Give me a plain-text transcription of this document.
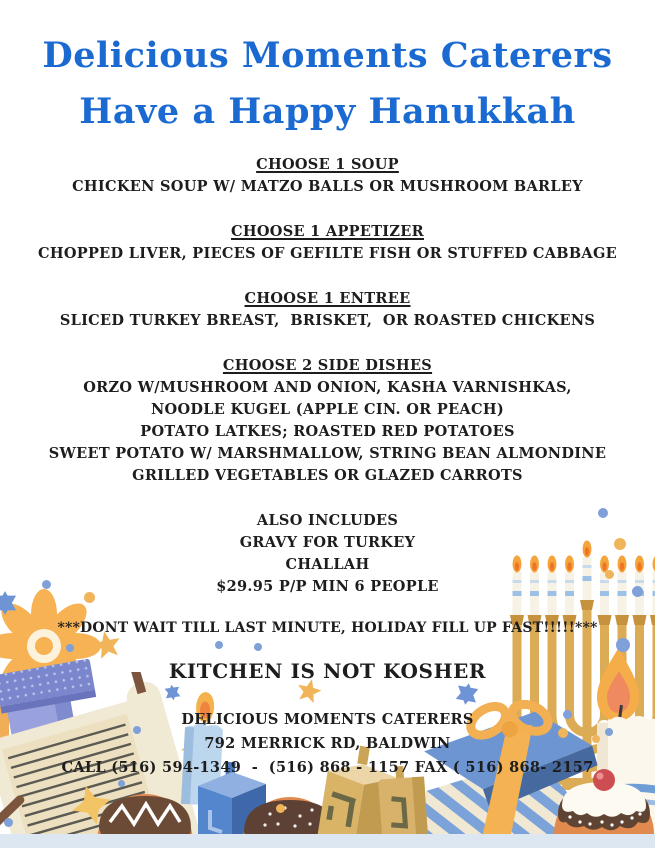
Delicious Moments Caterers
Have a Happy Hanukkah
CHOOSE 1 SOUP
CHICKEN SOUP W/ MATZO BALLS OR MUSHROOM BARLEY
CHOOSE 1 APPETIZER
CHOPPED LIVER, PIECES OF GEFILTE FISH OR STUFFED CABBAGE
CHOOSE 1 ENTREE
SLICED TURKEY BREAST,  BRISKET,  OR ROASTED CHICKENS
CHOOSE 2 SIDE DISHES
ORZO W/MUSHROOM AND ONION, KASHA VARNISHKAS,
NOODLE KUGEL (APPLE CIN. OR PEACH)
POTATO LATKES; ROASTED RED POTATOES
SWEET POTATO W/ MARSHMALLOW, STRING BEAN ALMONDINE
GRILLED VEGETABLES OR GLAZED CARROTS
ALSO INCLUDES
GRAVY FOR TURKEY
CHALLAH
$29.95 P/P MIN 6 PEOPLE
***DONT WAIT TILL LAST MINUTE, HOLIDAY FILL UP FAST!!!!!***
KITCHEN IS NOT KOSHER
DELICIOUS MOMENTS CATERERS
792 MERRICK RD, BALDWIN
CALL (516) 594-1349  -  (516) 868 - 1157 FAX ( 516) 868- 2157
